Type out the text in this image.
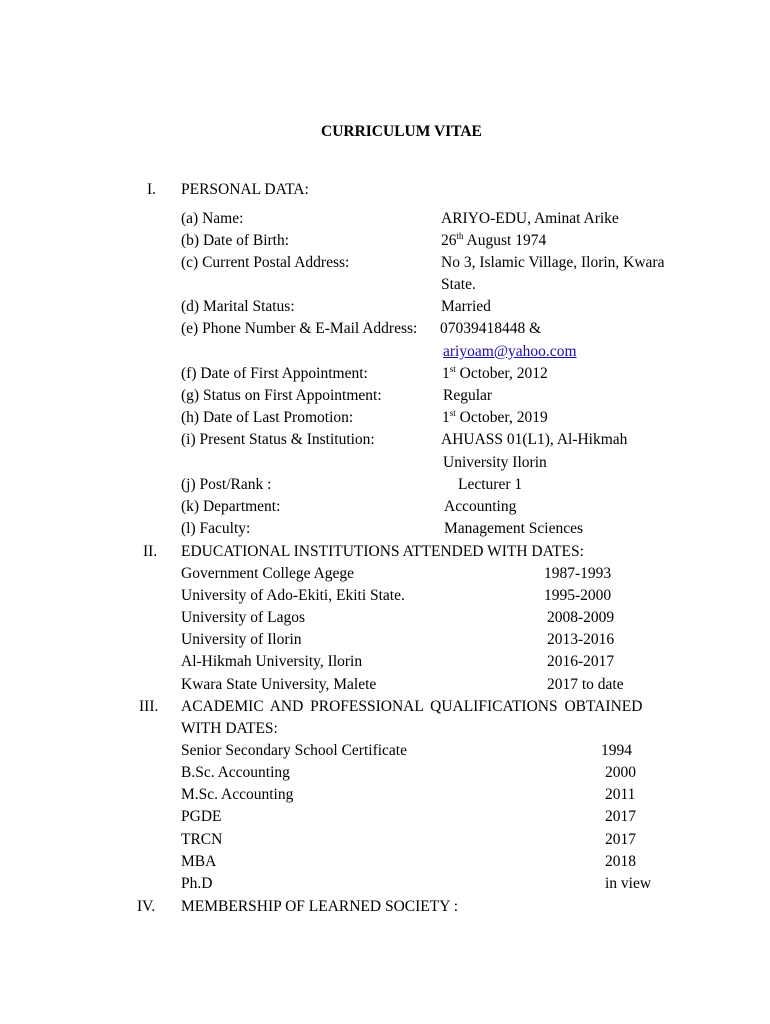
CURRICULUM VITAE
I. PERSONAL DATA:
(a) Name:	ARIYO-EDU, Aminat Arike
(b) Date of Birth:	26th August 1974
(c) Current Postal Address:	No 3, Islamic Village, Ilorin, Kwara
State.
(d) Marital Status:	Married
(e) Phone Number & E-Mail Address: 07039418448 &
ariyoam@yahoo.com
(f) Date of First Appointment:	1st October, 2012
(g) Status on First Appointment:	Regular
(h) Date of Last Promotion:	1st October, 2019
(i) Present Status & Institution:	AHUASS 01(L1), Al-Hikmah
University Ilorin
(j) Post/Rank :	Lecturer 1
(k) Department:	Accounting
(l) Faculty:	Management Sciences
II. EDUCATIONAL INSTITUTIONS ATTENDED WITH DATES:
Government College Agege	1987-1993
University of Ado-Ekiti, Ekiti State.	1995-2000
University of Lagos	2008-2009
University of Ilorin	2013-2016
Al-Hikmah University, Ilorin	2016-2017
Kwara State University, Malete	2017 to date
III. ACADEMIC AND PROFESSIONAL QUALIFICATIONS OBTAINED
WITH DATES:
Senior Secondary School Certificate	1994
B.Sc. Accounting	2000
M.Sc. Accounting	2011
PGDE	2017
TRCN	2017
MBA	2018
Ph.D	in view
IV. MEMBERSHIP OF LEARNED SOCIETY :
